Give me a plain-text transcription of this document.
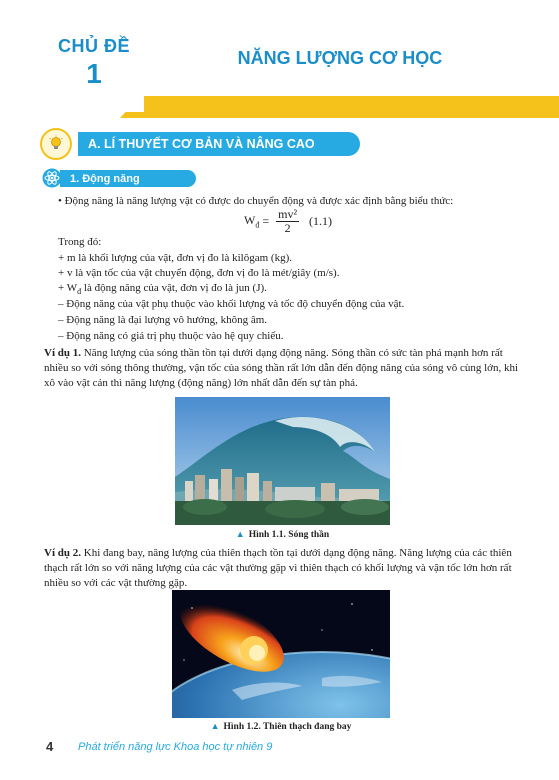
CHỦ ĐỀ
1	NĂNG LƯỢNG CƠ HỌC
A. LÍ THUYẾT CƠ BẢN VÀ NÂNG CAO
1. Động năng
• Động năng là năng lượng vật có được do chuyển động và được xác định bằng biểu thức:
$W_đ = \frac{\text{mv²}}{2} (1.1)$
Trong đó:
+ m là khối lượng của vật, đơn vị đo là kilôgam (kg).
+ v là vận tốc của vật chuyển động, đơn vị đo là mét/giây (m/s).
+ $W_đ$ là động năng của vật, đơn vị đo là jun (J).
– Động năng của vật phụ thuộc vào khối lượng và tốc độ chuyển động của vật.
– Động năng là đại lượng vô hướng, không âm.
– Động năng có giá trị phụ thuộc vào hệ quy chiếu.
Ví dụ 1. Năng lượng của sóng thần tồn tại dưới dạng động năng. Sóng thần có sức tàn phá mạnh hơn rất
nhiều so với sóng thông thường, vận tốc của sóng thần rất lớn dẫn đến động năng của sóng vô cùng lớn, khi
xô vào vật cản thì năng lượng (động năng) lớn nhất dẫn đến sự tàn phá.
▲ Hình 1.1. Sóng thần
Ví dụ 2. Khi đang bay, năng lượng của thiên thạch tồn tại dưới dạng động năng. Năng lượng của các thiên
thạch rất lớn so với năng lượng của các vật thường gặp vì thiên thạch có khối lượng và vận tốc lớn hơn rất
nhiều so với các vật thường gặp.
▲ Hình 1.2. Thiên thạch đang bay
4 Phát triển năng lực Khoa học tự nhiên 9
